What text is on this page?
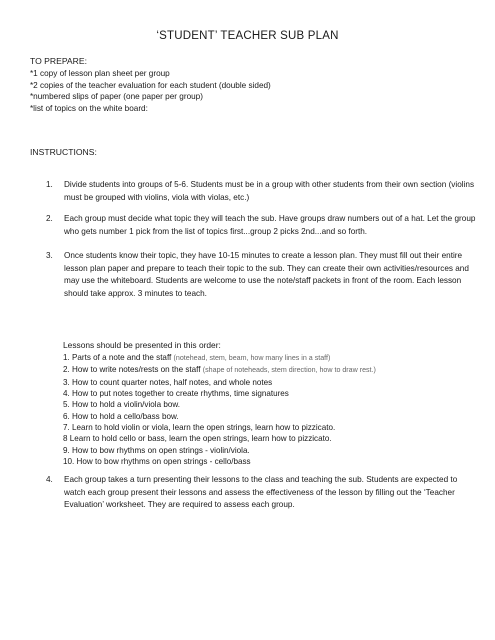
‘STUDENT’ TEACHER SUB PLAN
TO PREPARE:
*1 copy of lesson plan sheet per group
*2 copies of the teacher evaluation for each student (double sided)
*numbered slips of paper (one paper per group)
*list of topics on the white board:
INSTRUCTIONS:
1. Divide students into groups of 5-6. Students must be in a group with other students from their own section (violins must be grouped with violins, viola with violas, etc.)
2. Each group must decide what topic they will teach the sub. Have groups draw numbers out of a hat. Let the group who gets number 1 pick from the list of topics first...group 2 picks 2nd...and so forth.
3. Once students know their topic, they have 10-15 minutes to create a lesson plan. They must fill out their entire lesson plan paper and prepare to teach their topic to the sub. They can create their own activities/resources and may use the whiteboard. Students are welcome to use the note/staff packets in front of the room. Each lesson should take approx. 3 minutes to teach.
Lessons should be presented in this order:
1. Parts of a note and the staff (notehead, stem, beam, how many lines in a staff)
2. How to write notes/rests on the staff (shape of noteheads, stem direction, how to draw rest.)
3. How to count quarter notes, half notes, and whole notes
4. How to put notes together to create rhythms, time signatures
5. How to hold a violin/viola bow.
6. How to hold a cello/bass bow.
7. Learn to hold violin or viola, learn the open strings, learn how to pizzicato.
8 Learn to hold cello or bass, learn the open strings, learn how to pizzicato.
9. How to bow rhythms on open strings - violin/viola.
10. How to bow rhythms on open strings - cello/bass
4. Each group takes a turn presenting their lessons to the class and teaching the sub. Students are expected to watch each group present their lessons and assess the effectiveness of the lesson by filling out the ‘Teacher Evaluation’ worksheet. They are required to assess each group.
